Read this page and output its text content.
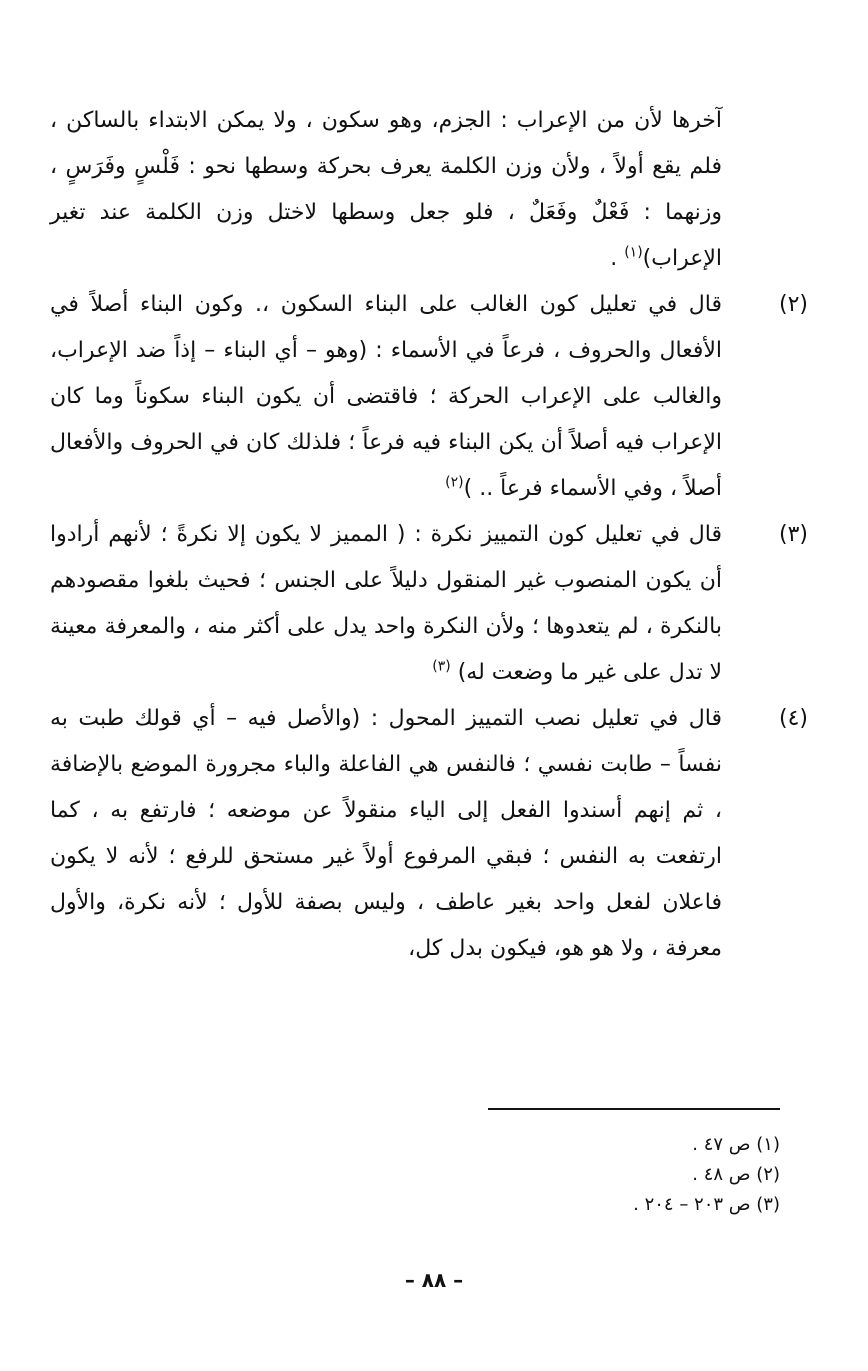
آخرها لأن من الإعراب : الجزم، وهو سكون ، ولا يمكن الابتداء بالساكن ، فلم يقع أولاً ، ولأن وزن الكلمة يعرف بحركة وسطها نحو : فَلْسٍ وفَرَسٍ ، وزنهما : فَعْلٌ وفَعَلٌ ، فلو جعل وسطها لاختل وزن الكلمة عند تغير الإعراب)$^{(١)}$ .

(٢)
قال في تعليل كون الغالب على البناء السكون ،. وكون البناء أصلاً في الأفعال والحروف ، فرعاً في الأسماء : (وهو – أي البناء – إذاً ضد الإعراب، والغالب على الإعراب الحركة ؛ فاقتضى أن يكون البناء سكوناً وما كان الإعراب فيه أصلاً أن يكن البناء فيه فرعاً ؛ فلذلك كان في الحروف والأفعال أصلاً ، وفي الأسماء فرعاً .. )$^{(٢)}$

(٣)
قال في تعليل كون التمييز نكرة : ( المميز لا يكون إلا نكرةً ؛ لأنهم أرادوا أن يكون المنصوب غير المنقول دليلاً على الجنس ؛ فحيث بلغوا مقصودهم بالنكرة ، لم يتعدوها ؛ ولأن النكرة واحد يدل على أكثر منه ، والمعرفة معينة لا تدل على غير ما وضعت له) $^{(٣)}$

(٤)
قال في تعليل نصب التمييز المحول : (والأصل فيه – أي قولك طبت به نفساً – طابت نفسي ؛ فالنفس هي الفاعلة والباء مجرورة الموضع بالإضافة ، ثم إنهم أسندوا الفعل إلى الياء منقولاً عن موضعه ؛ فارتفع به ، كما ارتفعت به النفس ؛ فبقي المرفوع أولاً غير مستحق للرفع ؛ لأنه لا يكون فاعلان لفعل واحد بغير عاطف ، وليس بصفة للأول ؛ لأنه نكرة، والأول معرفة ، ولا هو هو، فيكون بدل كل،

(١) ص ٤٧ .

(٢) ص ٤٨ .

(٣) ص ٢٠٣ – ٢٠٤ .

– ٨٨ –
